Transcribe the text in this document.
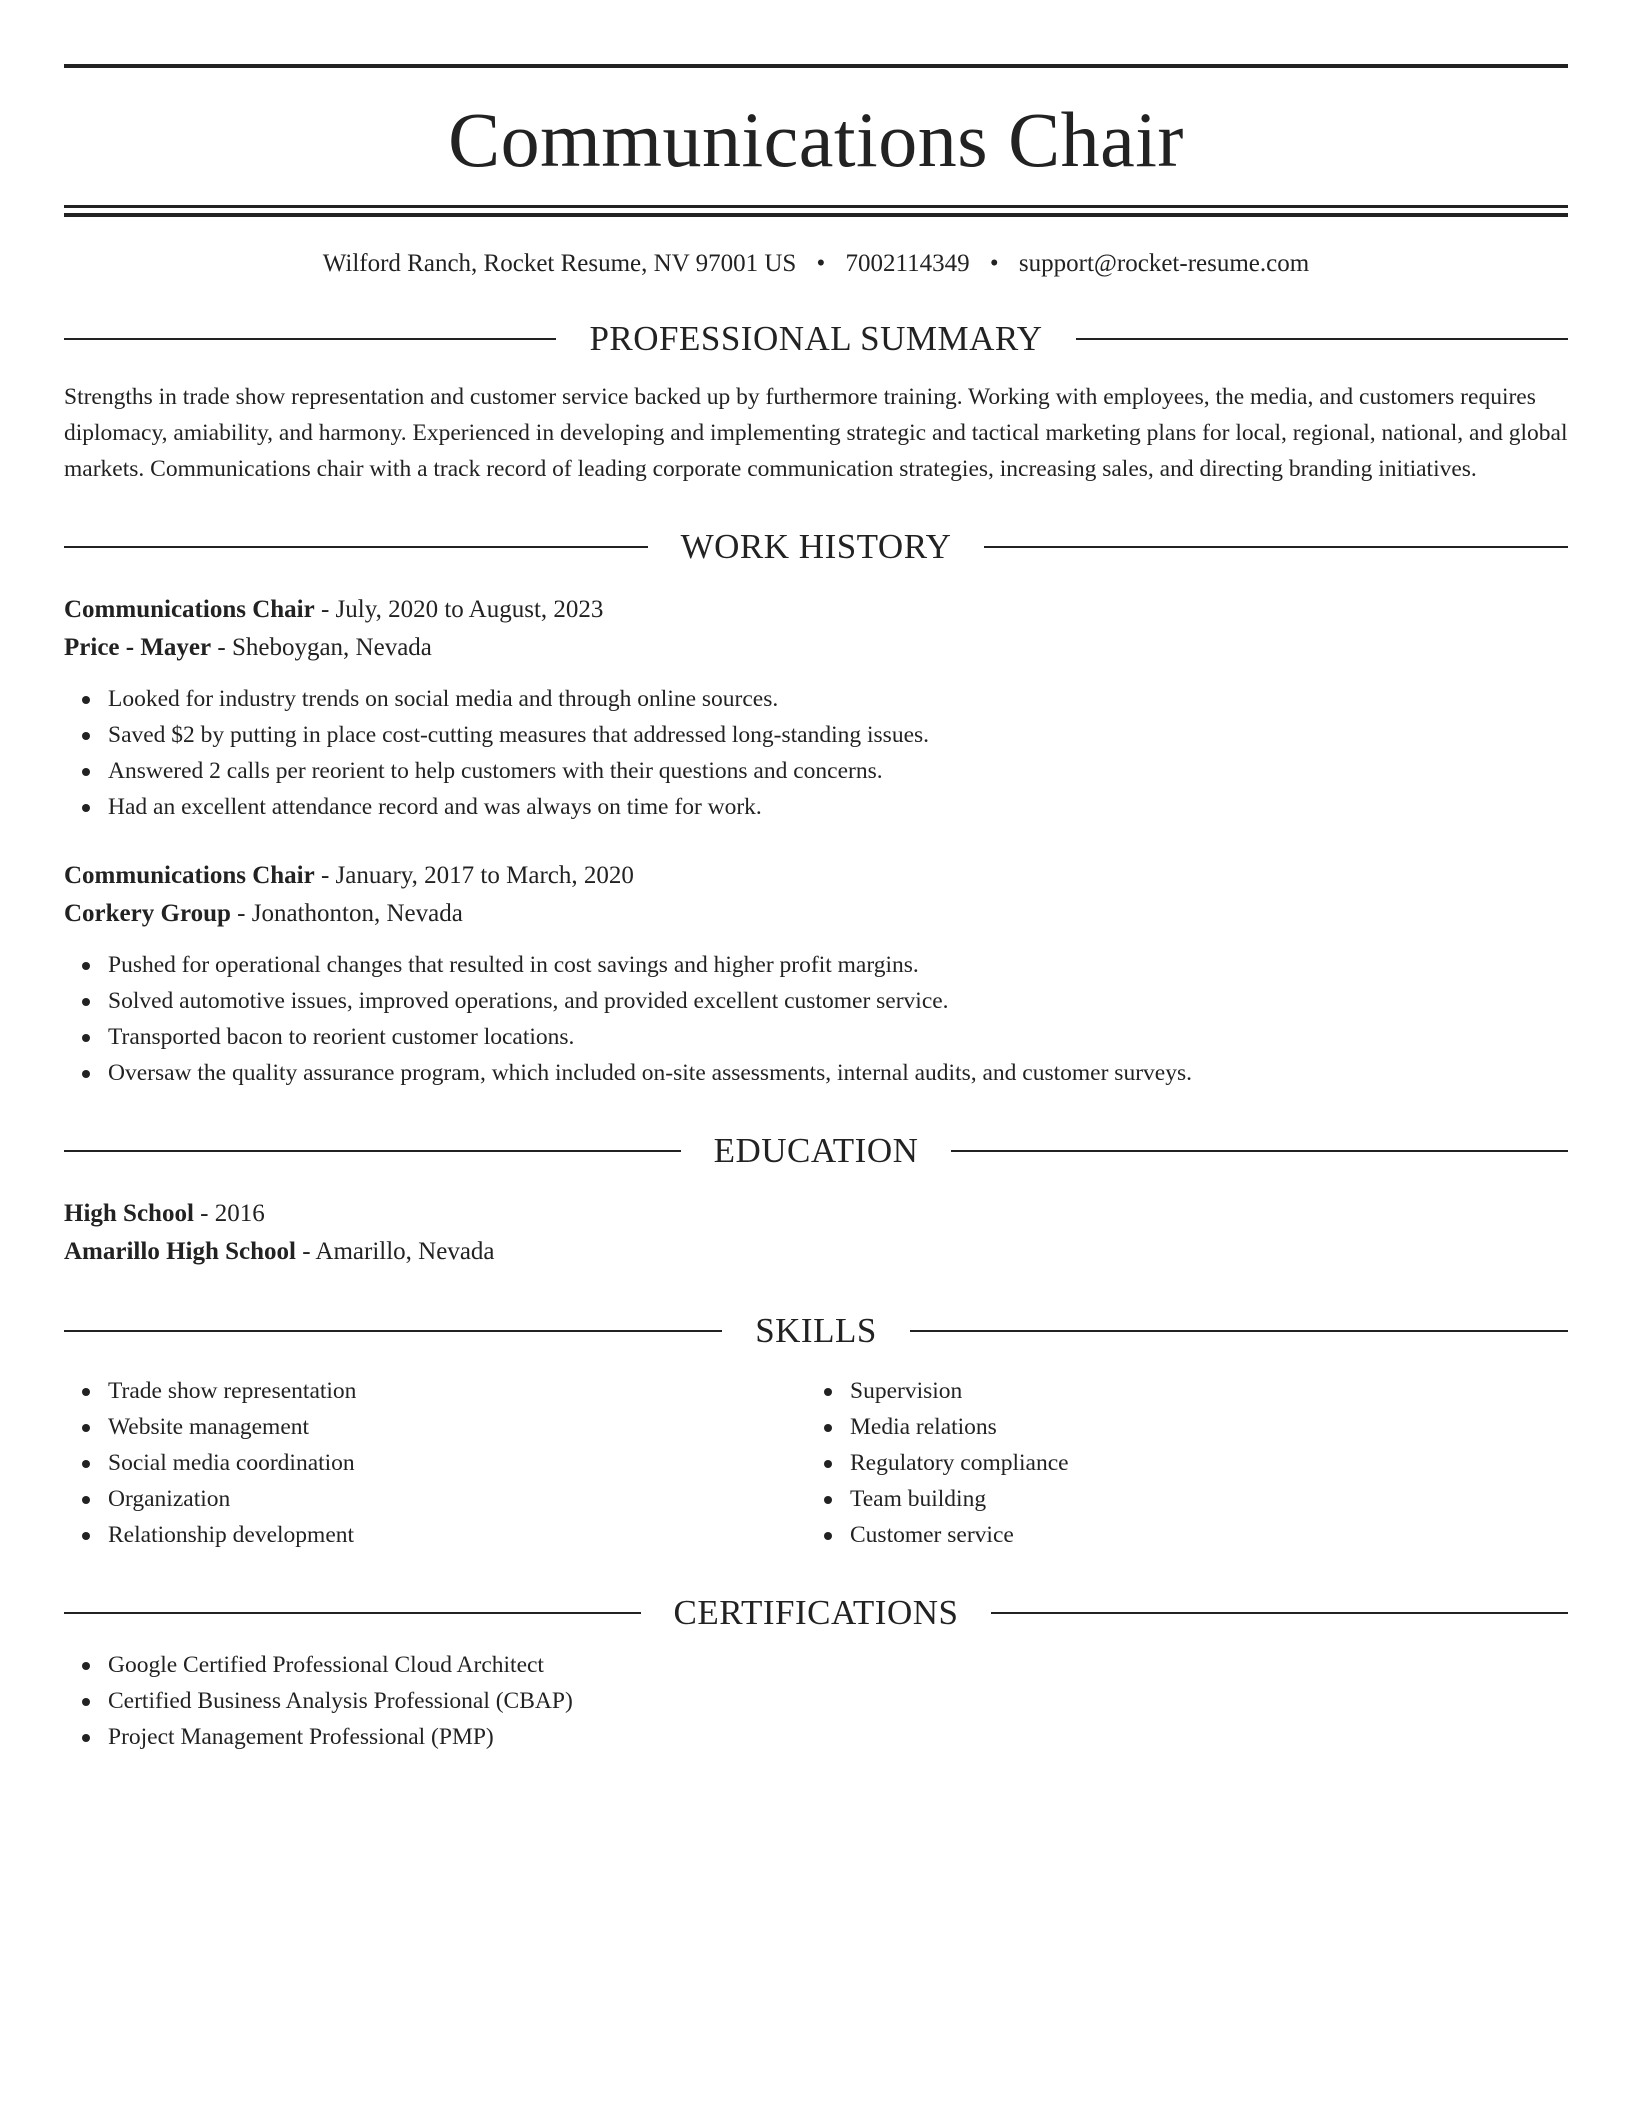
Communications Chair
Wilford Ranch, Rocket Resume, NV 97001 US • 7002114349 • support@rocket-resume.com
PROFESSIONAL SUMMARY
Strengths in trade show representation and customer service backed up by furthermore training. Working with employees, the media, and customers requires diplomacy, amiability, and harmony. Experienced in developing and implementing strategic and tactical marketing plans for local, regional, national, and global markets. Communications chair with a track record of leading corporate communication strategies, increasing sales, and directing branding initiatives.
WORK HISTORY
Communications Chair - July, 2020 to August, 2023
Price - Mayer - Sheboygan, Nevada
Looked for industry trends on social media and through online sources.
Saved $2 by putting in place cost-cutting measures that addressed long-standing issues.
Answered 2 calls per reorient to help customers with their questions and concerns.
Had an excellent attendance record and was always on time for work.
Communications Chair - January, 2017 to March, 2020
Corkery Group - Jonathonton, Nevada
Pushed for operational changes that resulted in cost savings and higher profit margins.
Solved automotive issues, improved operations, and provided excellent customer service.
Transported bacon to reorient customer locations.
Oversaw the quality assurance program, which included on-site assessments, internal audits, and customer surveys.
EDUCATION
High School - 2016
Amarillo High School - Amarillo, Nevada
SKILLS
Trade show representation
Website management
Social media coordination
Organization
Relationship development
Supervision
Media relations
Regulatory compliance
Team building
Customer service
CERTIFICATIONS
Google Certified Professional Cloud Architect
Certified Business Analysis Professional (CBAP)
Project Management Professional (PMP)
